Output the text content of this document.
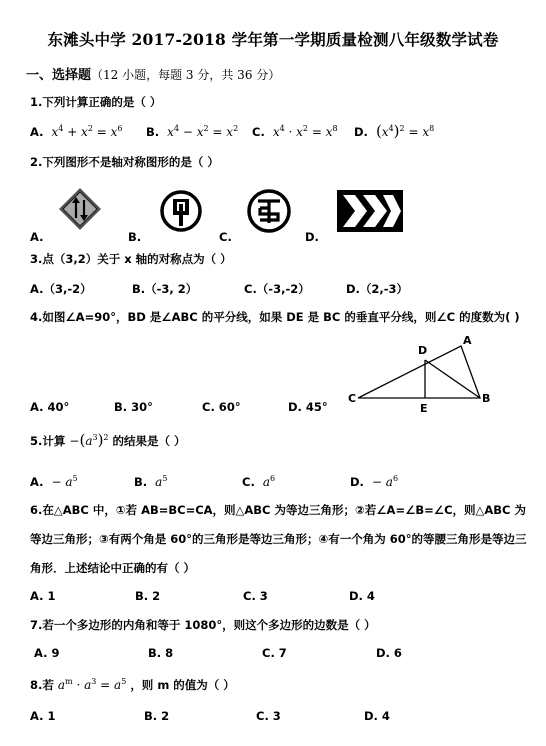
东滩头中学 2017-2018 学年第一学期质量检测八年级数学试卷
一、选择题（12 小题，每题 3 分，共 36 分）
1.下列计算正确的是（ ）
A. $x^4 + x^2 = x^6$ B. $x^4 - x^2 = x^2$ C. $x^4 \cdot x^2 = x^8$ D. $(x^4)^2 = x^8$
2.下列图形不是轴对称图形的是（ ）
A.	B.	C.	D.
3.点（3,2）关于 x 轴的对称点为（ ）
A.（3,-2）	B.（-3, 2）	C.（-3,-2）	D.（2,-3）
4.如图∠A=90°，BD 是∠ABC 的平分线，如果 DE 是 BC 的垂直平分线，则∠C 的度数为( )
A
B
C
D
E
A. 40°	B. 30°	C. 60°	D. 45°
5.计算 $-(a^3)^2$ 的结果是（ ）
A. − $a^5$	B. $a^5$	C. $a^6$	D. − $a^6$
6.在△ABC 中，①若 AB=BC=CA，则△ABC 为等边三角形；②若∠A=∠B=∠C，则△ABC 为等边三角形；③有两个角是 60°的三角形是等边三角形；④有一个角为 60°的等腰三角形是等边三角形．上述结论中正确的有（ ）
A. 1	B. 2	C. 3	D. 4
7.若一个多边形的内角和等于 1080°，则这个多边形的边数是（ ）
A. 9	B. 8	C. 7	D. 6
8.若 $a^m \cdot a^3 = a^5$ ，则 m 的值为（ ）
A. 1	B. 2	C. 3	D. 4
